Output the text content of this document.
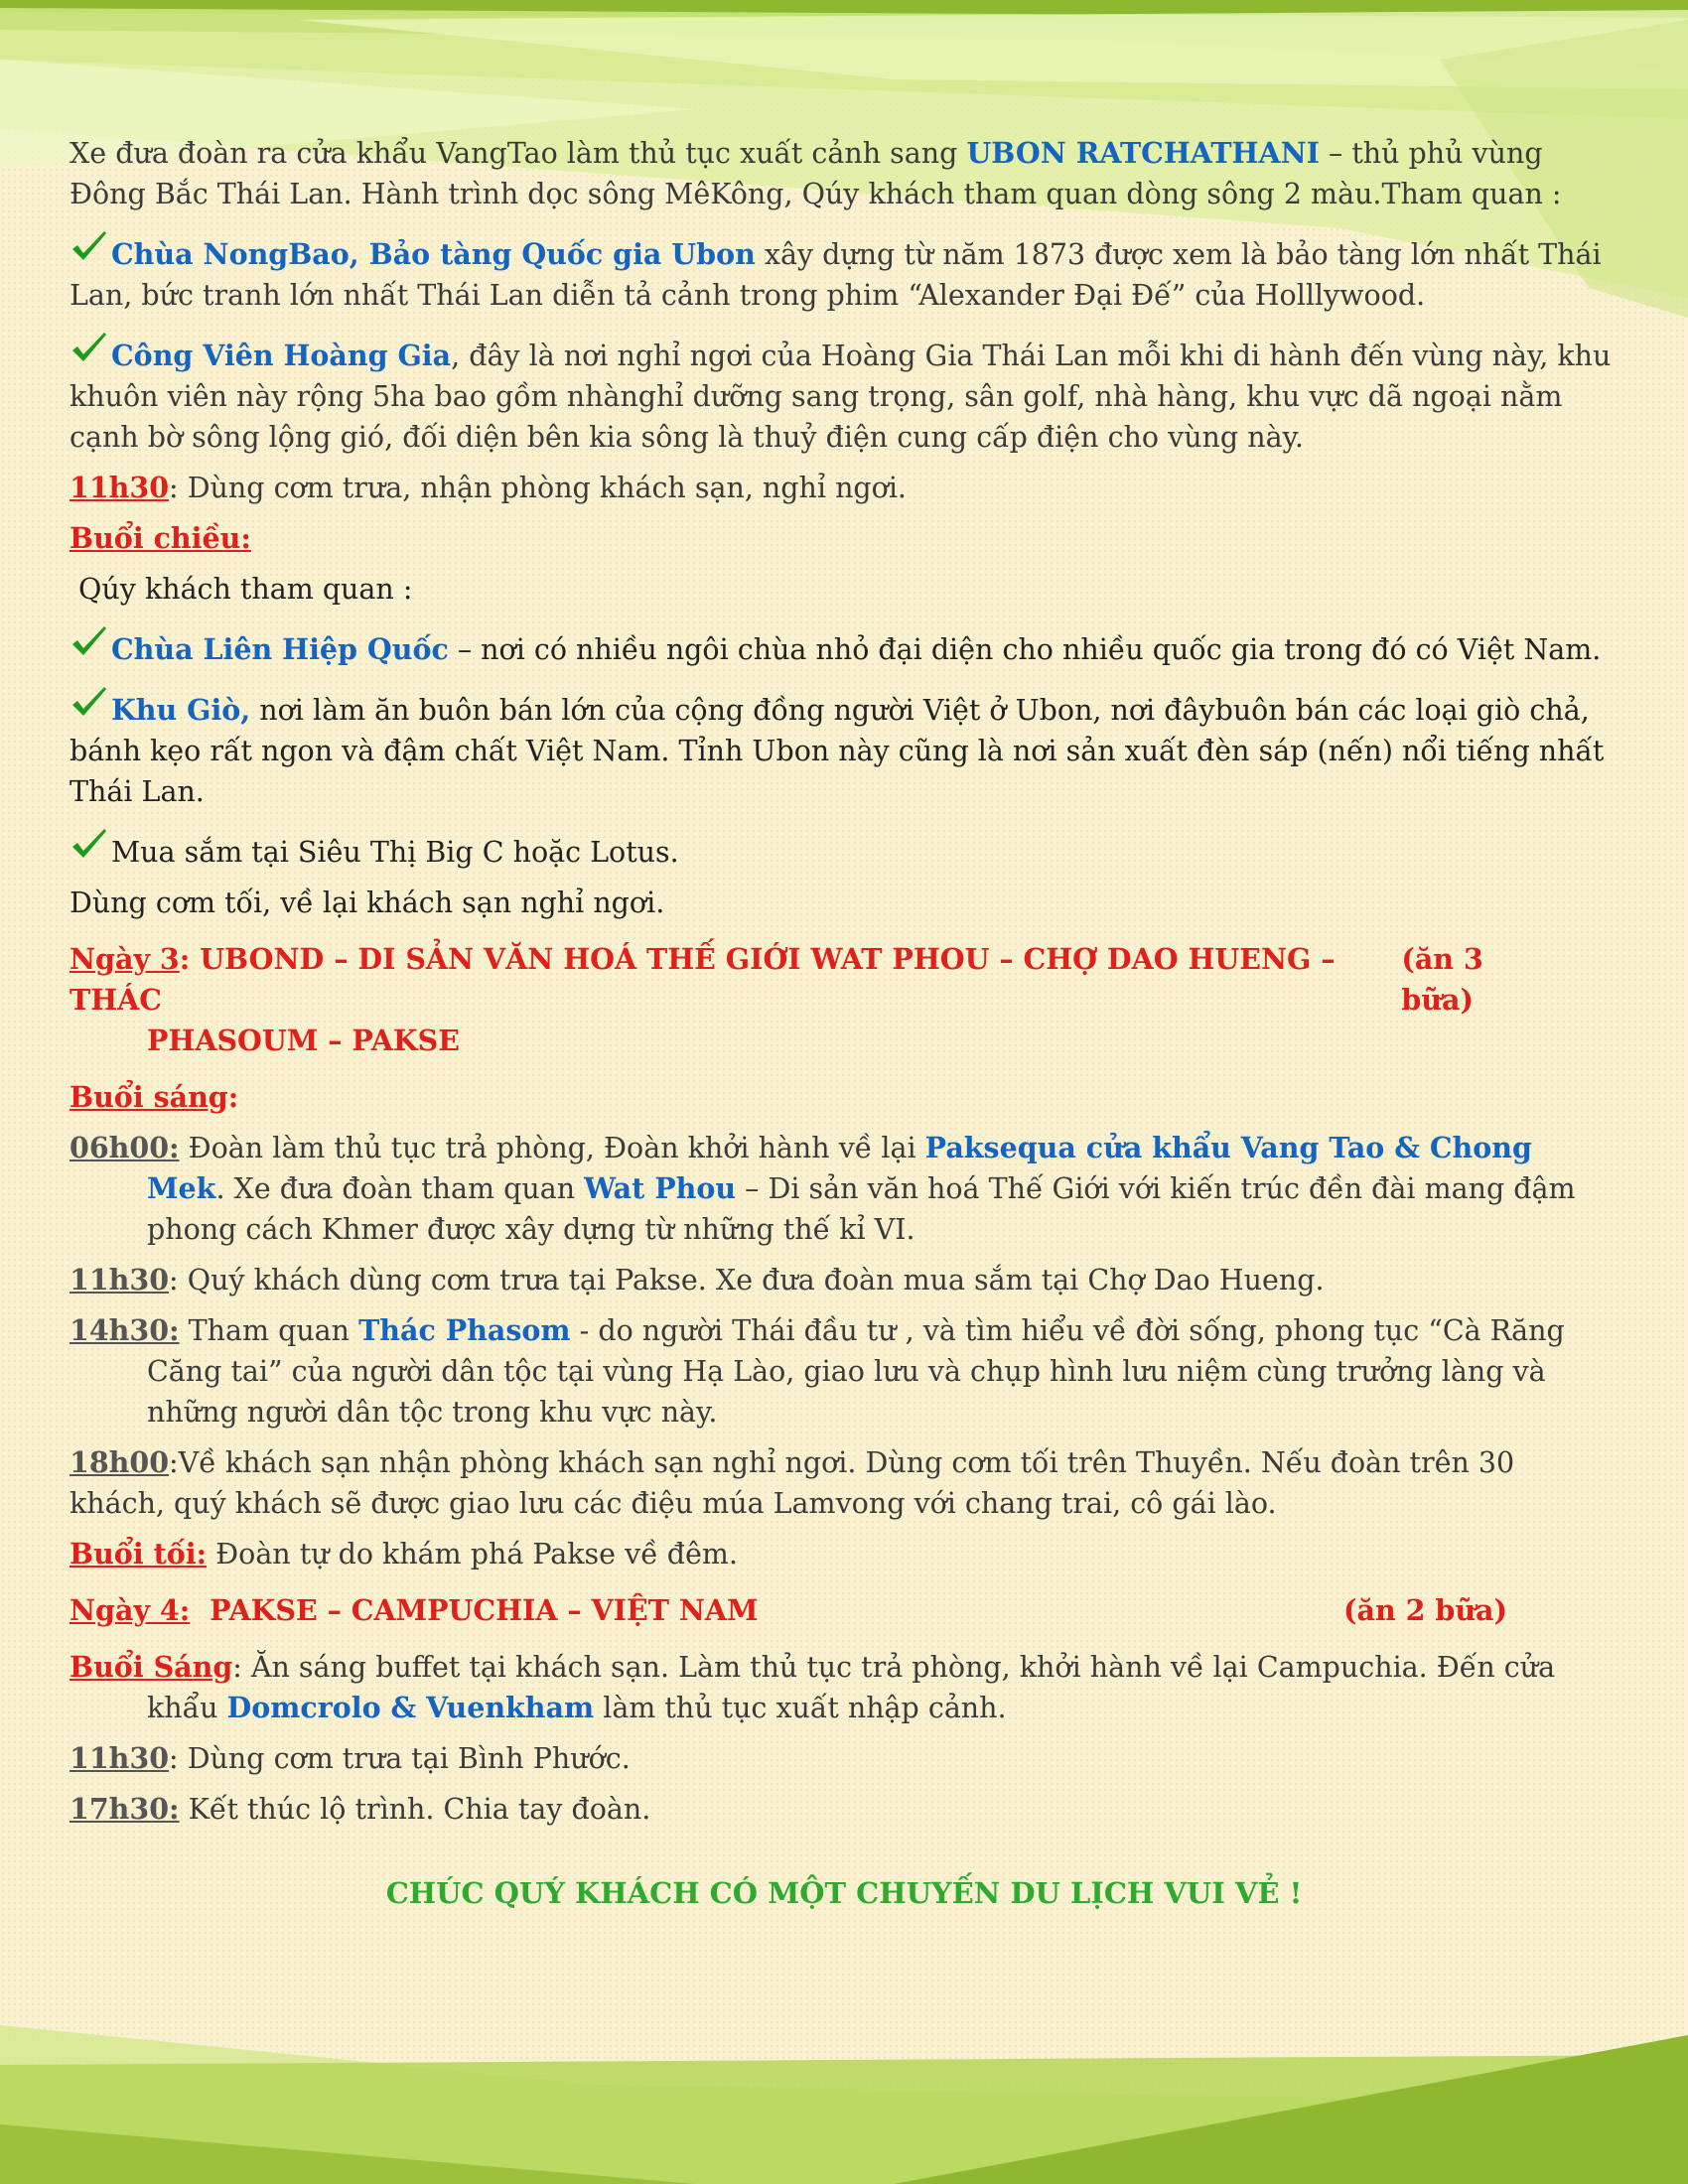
Xe đưa đoàn ra cửa khẩu VangTao làm thủ tục xuất cảnh sang UBON RATCHATHANI – thủ phủ vùng Đông Bắc Thái Lan. Hành trình dọc sông MêKông, Qúy khách tham quan dòng sông 2 màu.Tham quan :

Chùa NongBao, Bảo tàng Quốc gia Ubon xây dựng từ năm 1873 được xem là bảo tàng lớn nhất Thái Lan, bức tranh lớn nhất Thái Lan diễn tả cảnh trong phim “Alexander Đại Đế” của Holllywood.

Công Viên Hoàng Gia, đây là nơi nghỉ ngơi của Hoàng Gia Thái Lan mỗi khi di hành đến vùng này, khu khuôn viên này rộng 5ha bao gồm nhànghỉ dưỡng sang trọng, sân golf, nhà hàng, khu vực dã ngoại nằm cạnh bờ sông lộng gió, đối diện bên kia sông là thuỷ điện cung cấp điện cho vùng này.

11h30: Dùng cơm trưa, nhận phòng khách sạn, nghỉ ngơi.

Buổi chiều:

Qúy khách tham quan :

Chùa Liên Hiệp Quốc – nơi có nhiều ngôi chùa nhỏ đại diện cho nhiều quốc gia trong đó có Việt Nam.

Khu Giò, nơi làm ăn buôn bán lớn của cộng đồng người Việt ở Ubon, nơi đâybuôn bán các loại giò chả, bánh kẹo rất ngon và đậm chất Việt Nam. Tỉnh Ubon này cũng là nơi sản xuất đèn sáp (nến) nổi tiếng nhất Thái Lan.

Mua sắm tại Siêu Thị Big C hoặc Lotus.

Dùng cơm tối, về lại khách sạn nghỉ ngơi.

Ngày 3: UBOND – DI SẢN VĂN HOÁ THẾ GIỚI WAT PHOU – CHỢ DAO HUENG – THÁC
(ăn 3 bữa)
PHASOUM – PAKSE

Buổi sáng:

06h00: Đoàn làm thủ tục trả phòng, Đoàn khởi hành về lại Paksequa cửa khẩu Vang Tao & Chong Mek. Xe đưa đoàn tham quan Wat Phou – Di sản văn hoá Thế Giới với kiến trúc đền đài mang đậm phong cách Khmer được xây dựng từ những thế kỉ VI.

11h30: Quý khách dùng cơm trưa tại Pakse. Xe đưa đoàn mua sắm tại Chợ Dao Hueng.

14h30: Tham quan Thác Phasom - do người Thái đầu tư , và tìm hiểu về đời sống, phong tục “Cà Răng Căng tai” của người dân tộc tại vùng Hạ Lào, giao lưu và chụp hình lưu niệm cùng trưởng làng và những người dân tộc trong khu vực này.

18h00:Về khách sạn nhận phòng khách sạn nghỉ ngơi. Dùng cơm tối trên Thuyền. Nếu đoàn trên 30 khách, quý khách sẽ được giao lưu các điệu múa Lamvong với chang trai, cô gái lào.

Buổi tối: Đoàn tự do khám phá Pakse về đêm.

Ngày 4:  PAKSE – CAMPUCHIA – VIỆT NAM	(ăn 2 bữa)

Buổi Sáng: Ăn sáng buffet tại khách sạn. Làm thủ tục trả phòng, khởi hành về lại Campuchia. Đến cửa khẩu Domcrolo & Vuenkham làm thủ tục xuất nhập cảnh.

11h30: Dùng cơm trưa tại Bình Phước.

17h30: Kết thúc lộ trình. Chia tay đoàn.

CHÚC QUÝ KHÁCH CÓ MỘT CHUYẾN DU LỊCH VUI VẺ !
